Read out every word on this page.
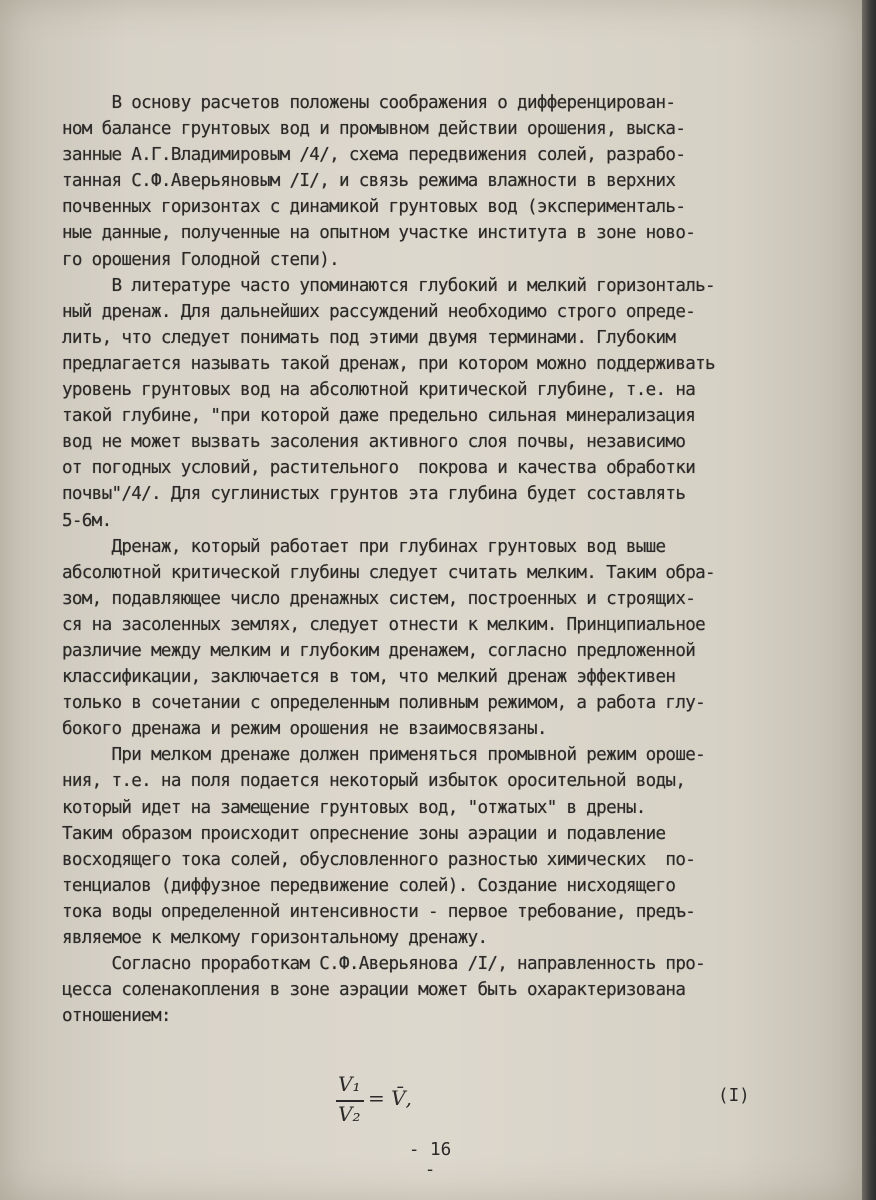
В основу расчетов положены соображения о дифференцирован-
ном балансе грунтовых вод и промывном действии орошения, выска-
занные А.Г.Владимировым /4/, схема передвижения солей, разрабо-
танная С.Ф.Аверьяновым /I/, и связь режима влажности в верхних
почвенных горизонтах с динамикой грунтовых вод (эксперименталь-
ные данные, полученные на опытном участке института в зоне ново-
го орошения Голодной степи).
В литературе часто упоминаются глубокий и мелкий горизонталь-
ный дренаж. Для дальнейших рассуждений необходимо строго опреде-
лить, что следует понимать под этими двумя терминами. Глубоким
предлагается называть такой дренаж, при котором можно поддерживать
уровень грунтовых вод на абсолютной критической глубине, т.е. на
такой глубине, "при которой даже предельно сильная минерализация
вод не может вызвать засоления активного слоя почвы, независимо
от погодных условий, растительного  покрова и качества обработки
почвы"/4/. Для суглинистых грунтов эта глубина будет составлять
5-6м.
Дренаж, который работает при глубинах грунтовых вод выше
абсолютной критической глубины следует считать мелким. Таким обра-
зом, подавляющее число дренажных систем, построенных и строящих-
ся на засоленных землях, следует отнести к мелким. Принципиальное
различие между мелким и глубоким дренажем, согласно предложенной
классификации, заключается в том, что мелкий дренаж эффективен
только в сочетании с определенным поливным режимом, а работа глу-
бокого дренажа и режим орошения не взаимосвязаны.
При мелком дренаже должен применяться промывной режим ороше-
ния, т.е. на поля подается некоторый избыток оросительной воды,
который идет на замещение грунтовых вод, "отжатых" в дрены.
Таким образом происходит опреснение зоны аэрации и подавление
восходящего тока солей, обусловленного разностью химических  по-
тенциалов (диффузное передвижение солей). Создание нисходящего
тока воды определенной интенсивности - первое требование, предъ-
являемое к мелкому горизонтальному дренажу.
Согласно проработкам С.Ф.Аверьянова /I/, направленность про-
цесса соленакопления в зоне аэрации может быть охарактеризована
отношением:
V₁
V₂
= V̄,	(I)
- 16 -
